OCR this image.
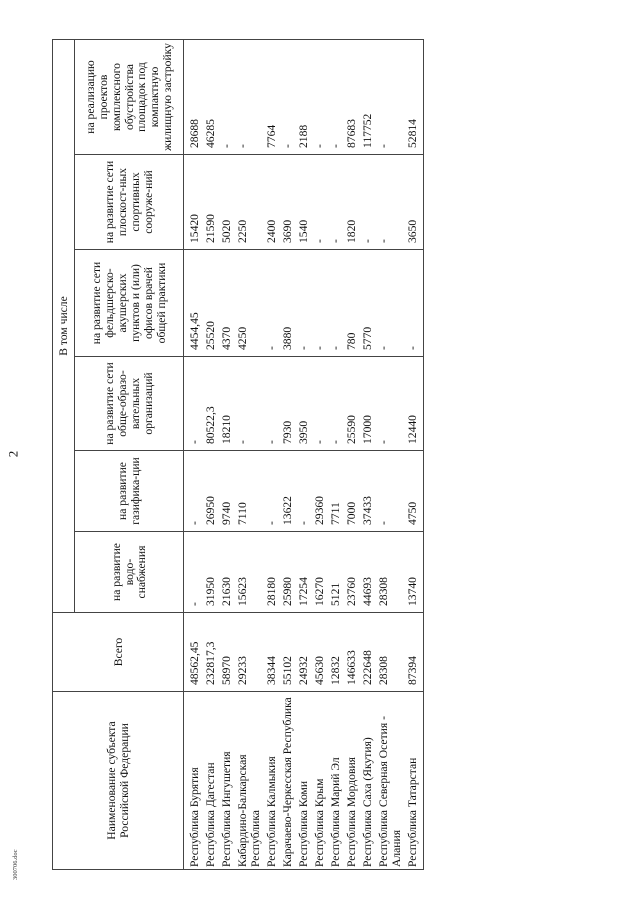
2
300706.doc
Наименование субъекта Российской Федерации	Всего	В том числе					
		на развитие водо-снабжения	на развитие газифика-ции	на развитие сети обще-образо-вательных организаций	на развитие сети фельдшерско-акушерских пунктов и (или) офисов врачей общей практики	на развитие сети плоскост-ных спортивных сооруже-ний	на реализацию проектов комплексного обустройства площадок под компактную жилищную застройку
Республика Бурятия	48562,45	-	-	-	4454,45	15420	28688
Республика Дагестан	232817,3	31950	26950	80522,3	25520	21590	46285
Республика Ингушетия	58970	21630	9740	18210	4370	5020	-
Кабардино-Балкарская Республика	29233	15623	7110	-	4250	2250	-
Республика Калмыкия	38344	28180	-	-	-	2400	7764
Карачаево-Черкесская Республика	55102	25980	13622	7930	3880	3690	-
Республика Коми	24932	17254	-	3950	-	1540	2188
Республика Крым	45630	16270	29360	-	-	-	-
Республика Марий Эл	12832	5121	7711	-	-	-	-
Республика Мордовия	146633	23760	7000	25590	780	1820	87683
Республика Саха (Якутия)	222648	44693	37433	17000	5770	-	117752
Республика Северная Осетия - Алания	28308	28308	-	-	-	-	-
Республика Татарстан	87394	13740	4750	12440	-	3650	52814
